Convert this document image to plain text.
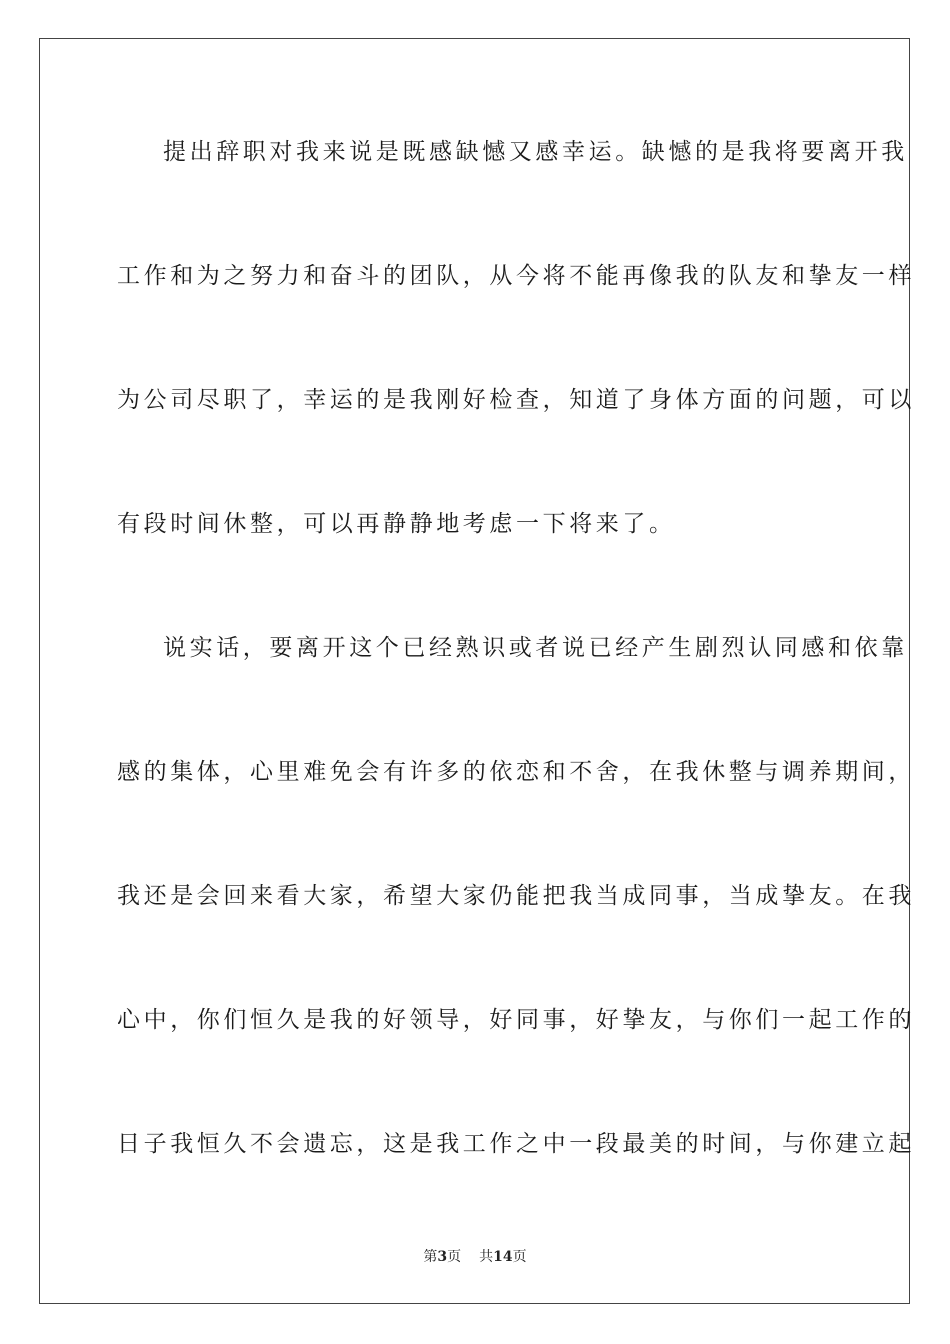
提出辞职对我来说是既感缺憾又感幸运。缺憾的是我将要离开我
工作和为之努力和奋斗的团队，从今将不能再像我的队友和挚友一样
为公司尽职了，幸运的是我刚好检查，知道了身体方面的问题，可以
有段时间休整，可以再静静地考虑一下将来了。
说实话，要离开这个已经熟识或者说已经产生剧烈认同感和依靠
感的集体，心里难免会有许多的依恋和不舍，在我休整与调养期间，
我还是会回来看大家，希望大家仍能把我当成同事，当成挚友。在我
心中，你们恒久是我的好领导，好同事，好挚友，与你们一起工作的
日子我恒久不会遗忘，这是我工作之中一段最美的时间，与你建立起
第3页 共14页
